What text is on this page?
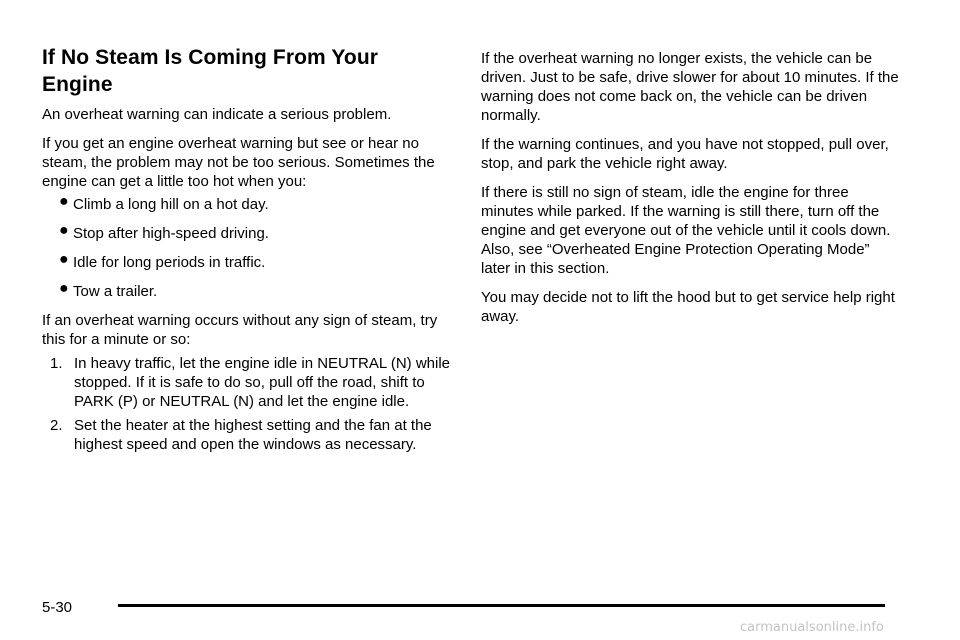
If No Steam Is Coming From Your Engine

An overheat warning can indicate a serious problem.

If you get an engine overheat warning but see or hear no steam, the problem may not be too serious. Sometimes the engine can get a little too hot when you:

● Climb a long hill on a hot day.
● Stop after high-speed driving.
● Idle for long periods in traffic.
● Tow a trailer.

If an overheat warning occurs without any sign of steam, try this for a minute or so:

1. In heavy traffic, let the engine idle in NEUTRAL (N) while stopped. If it is safe to do so, pull off the road, shift to PARK (P) or NEUTRAL (N) and let the engine idle.
2. Set the heater at the highest setting and the fan at the highest speed and open the windows as necessary.

If the overheat warning no longer exists, the vehicle can be driven. Just to be safe, drive slower for about 10 minutes. If the warning does not come back on, the vehicle can be driven normally.

If the warning continues, and you have not stopped, pull over, stop, and park the vehicle right away.

If there is still no sign of steam, idle the engine for three minutes while parked. If the warning is still there, turn off the engine and get everyone out of the vehicle until it cools down. Also, see “Overheated Engine Protection Operating Mode” later in this section.

You may decide not to lift the hood but to get service help right away.

5-30
carmanualsonline.info
